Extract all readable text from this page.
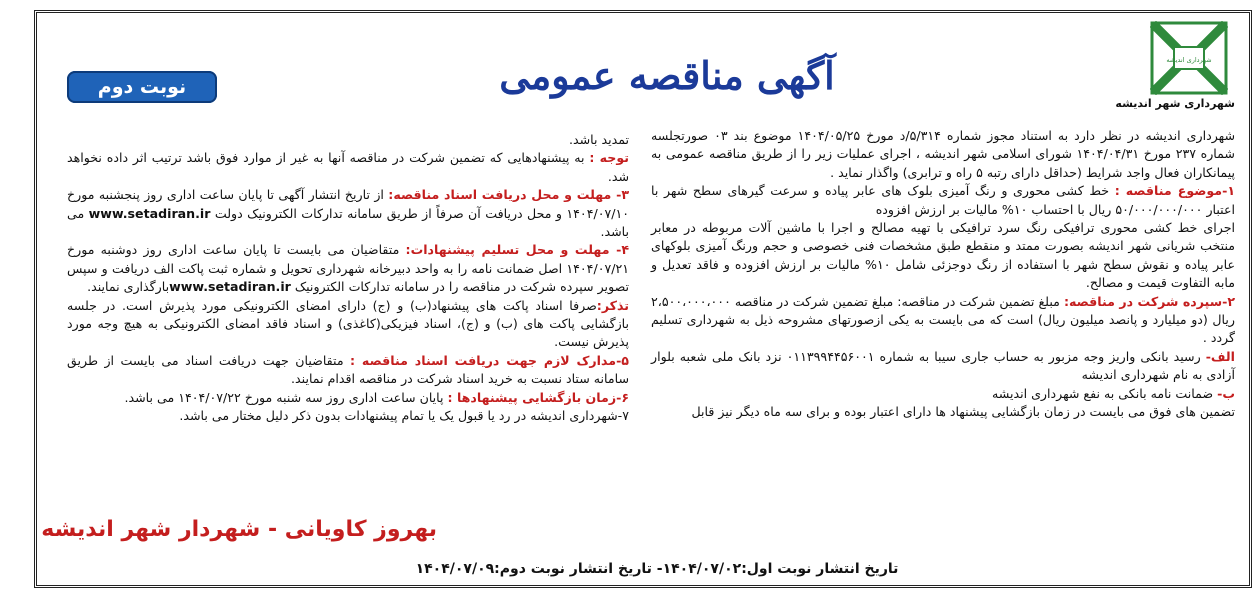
شهرداری اندیشه
شهرداری شهر اندیشه
آگهی مناقصه عمومی
نوبت دوم

شهرداری اندیشه در نظر دارد به استناد مجوز شماره ۵/۳۱۴/د مورخ ۱۴۰۴/۰۵/۲۵ موضوع بند ۰۳ صورتجلسه شماره ۲۳۷ مورخ ۱۴۰۴/۰۴/۳۱ شورای اسلامی شهر اندیشه ، اجرای عملیات زیر را از طریق مناقصه عمومی به پیمانکاران فعال واجد شرایط (حداقل دارای رتبه ۵ راه و ترابری) واگذار نماید .

۱-موضوع مناقصه : خط کشی محوری و رنگ آمیزی بلوک های عابر پیاده و سرعت گیرهای سطح شهر با اعتبار ۵۰/۰۰۰/۰۰۰/۰۰۰ ریال با احتساب ۱۰% مالیات بر ارزش افزوده

اجرای خط کشی محوری ترافیکی رنگ سرد ترافیکی با تهیه مصالح و اجرا با ماشین آلات مربوطه در معابر منتخب شریانی شهر اندیشه بصورت ممتد و منقطع طبق مشخصات فنی خصوصی و حجم ورنگ آمیزی بلوکهای عابر پیاده و نقوش سطح شهر با استفاده از رنگ دوجزئی شامل ۱۰% مالیات بر ارزش افزوده و فاقد تعدیل و مابه التفاوت قیمت و مصالح.

۲-سپرده شرکت در مناقصه: مبلغ تضمین شرکت در مناقصه: مبلغ تضمین شرکت در مناقصه ۲،۵۰۰،۰۰۰،۰۰۰ ریال (دو میلیارد و پانصد میلیون ریال) است که می بایست به یکی ازصورتهای مشروحه ذیل به شهرداری تسلیم گردد .

الف- رسید بانکی واریز وجه مزبور به حساب جاری سیبا به شماره ۰۱۱۳۹۹۴۴۵۶۰۰۱ نزد بانک ملی شعبه بلوار آزادی به نام شهرداری اندیشه

ب- ضمانت نامه بانکی به نفع شهرداری اندیشه

تضمین های فوق می بایست در زمان بازگشایی پیشنهاد ها دارای اعتبار بوده و برای سه ماه دیگر نیز قابل

تمدید باشد.

توجه : به پیشنهادهایی که تضمین شرکت در مناقصه آنها به غیر از موارد فوق باشد ترتیب اثر داده نخواهد شد.

۳- مهلت و محل دریافت اسناد مناقصه: از تاریخ انتشار آگهی تا پایان ساعت اداری روز پنجشنبه مورخ ۱۴۰۴/۰۷/۱۰ و محل دریافت آن صرفاً از طریق سامانه تدارکات الکترونیک دولت www.setadiran.ir می باشد.

۴- مهلت و محل تسلیم پیشنهادات: متقاضیان می بایست تا پایان ساعت اداری روز دوشنبه مورخ ۱۴۰۴/۰۷/۲۱ اصل ضمانت نامه را به واحد دبیرخانه شهرداری تحویل و شماره ثبت پاکت الف دریافت و سپس تصویر سپرده شرکت در مناقصه را در سامانه تدارکات الکترونیک www.setadiran.irبارگذاری نمایند.

تذکر:صرفا اسناد پاکت های پیشنهاد(ب) و (ج) دارای امضای الکترونیکی مورد پذیرش است. در جلسه بازگشایی پاکت های (ب) و (ج)، اسناد فیزیکی(کاغذی) و اسناد فاقد امضای الکترونیکی به هیچ وجه مورد پذیرش نیست.

۵-مدارک لازم جهت دریافت اسناد مناقصه : متقاضیان جهت دریافت اسناد می بایست از طریق سامانه ستاد نسبت به خرید اسناد شرکت در مناقصه اقدام نمایند.

۶-زمان بازگشایی پیشنهادها : پایان ساعت اداری روز سه شنبه مورخ ۱۴۰۴/۰۷/۲۲ می باشد.

۷-شهرداری اندیشه در رد یا قبول یک یا تمام پیشنهادات بدون ذکر دلیل مختار می باشد.

بهروز کاویانی - شهردار شهر اندیشه
تاریخ انتشار نوبت اول:۱۴۰۴/۰۷/۰۲- تاریخ انتشار نوبت دوم:۱۴۰۴/۰۷/۰۹
